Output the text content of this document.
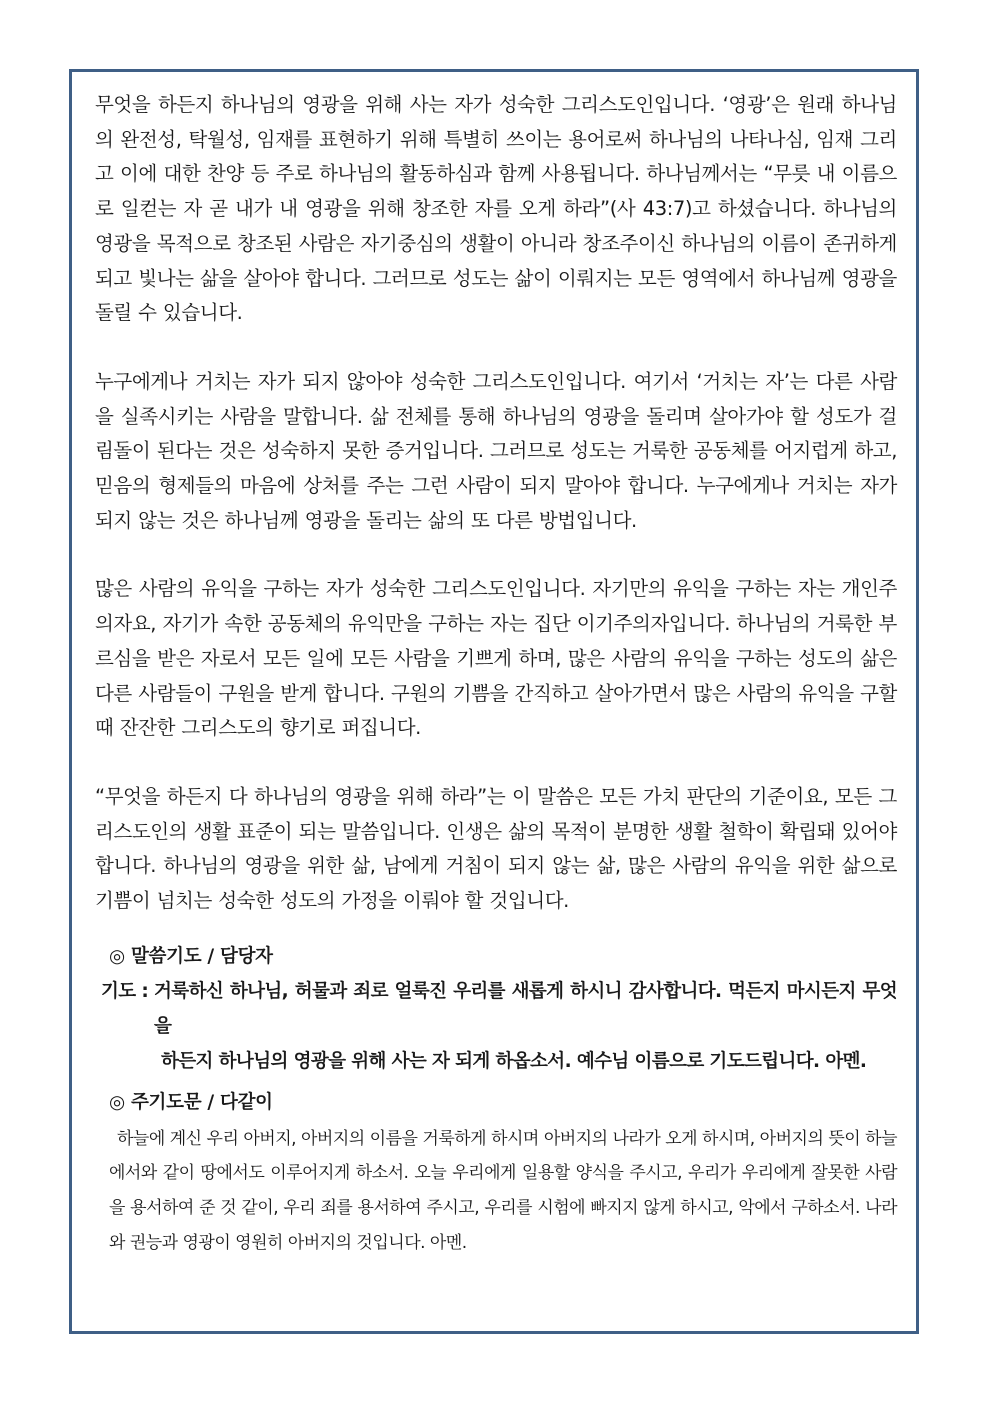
무엇을 하든지 하나님의 영광을 위해 사는 자가 성숙한 그리스도인입니다. ‘영광’은 원래 하나님의 완전성, 탁월성, 임재를 표현하기 위해 특별히 쓰이는 용어로써 하나님의 나타나심, 임재 그리고 이에 대한 찬양 등 주로 하나님의 활동하심과 함께 사용됩니다. 하나님께서는 “무릇 내 이름으로 일컫는 자 곧 내가 내 영광을 위해 창조한 자를 오게 하라”(사 43:7)고 하셨습니다. 하나님의 영광을 목적으로 창조된 사람은 자기중심의 생활이 아니라 창조주이신 하나님의 이름이 존귀하게 되고 빛나는 삶을 살아야 합니다. 그러므로 성도는 삶이 이뤄지는 모든 영역에서 하나님께 영광을 돌릴 수 있습니다.

누구에게나 거치는 자가 되지 않아야 성숙한 그리스도인입니다. 여기서 ‘거치는 자’는 다른 사람을 실족시키는 사람을 말합니다. 삶 전체를 통해 하나님의 영광을 돌리며 살아가야 할 성도가 걸림돌이 된다는 것은 성숙하지 못한 증거입니다. 그러므로 성도는 거룩한 공동체를 어지럽게 하고, 믿음의 형제들의 마음에 상처를 주는 그런 사람이 되지 말아야 합니다. 누구에게나 거치는 자가 되지 않는 것은 하나님께 영광을 돌리는 삶의 또 다른 방법입니다.

많은 사람의 유익을 구하는 자가 성숙한 그리스도인입니다. 자기만의 유익을 구하는 자는 개인주의자요, 자기가 속한 공동체의 유익만을 구하는 자는 집단 이기주의자입니다. 하나님의 거룩한 부르심을 받은 자로서 모든 일에 모든 사람을 기쁘게 하며, 많은 사람의 유익을 구하는 성도의 삶은 다른 사람들이 구원을 받게 합니다. 구원의 기쁨을 간직하고 살아가면서 많은 사람의 유익을 구할 때 잔잔한 그리스도의 향기로 퍼집니다.

“무엇을 하든지 다 하나님의 영광을 위해 하라”는 이 말씀은 모든 가치 판단의 기준이요, 모든 그리스도인의 생활 표준이 되는 말씀입니다. 인생은 삶의 목적이 분명한 생활 철학이 확립돼 있어야 합니다. 하나님의 영광을 위한 삶, 남에게 거침이 되지 않는 삶, 많은 사람의 유익을 위한 삶으로 기쁨이 넘치는 성숙한 성도의 가정을 이뤄야 할 것입니다.

◎ 말씀기도 / 담당자
기도 : 거룩하신 하나님, 허물과 죄로 얼룩진 우리를 새롭게 하시니 감사합니다. 먹든지 마시든지 무엇을
하든지 하나님의 영광을 위해 사는 자 되게 하옵소서. 예수님 이름으로 기도드립니다. 아멘.
◎ 주기도문 / 다같이

하늘에 계신 우리 아버지, 아버지의 이름을 거룩하게 하시며 아버지의 나라가 오게 하시며, 아버지의 뜻이 하늘에서와 같이 땅에서도 이루어지게 하소서. 오늘 우리에게 일용할 양식을 주시고, 우리가 우리에게 잘못한 사람을 용서하여 준 것 같이, 우리 죄를 용서하여 주시고, 우리를 시험에 빠지지 않게 하시고, 악에서 구하소서. 나라와 권능과 영광이 영원히 아버지의 것입니다. 아멘.
